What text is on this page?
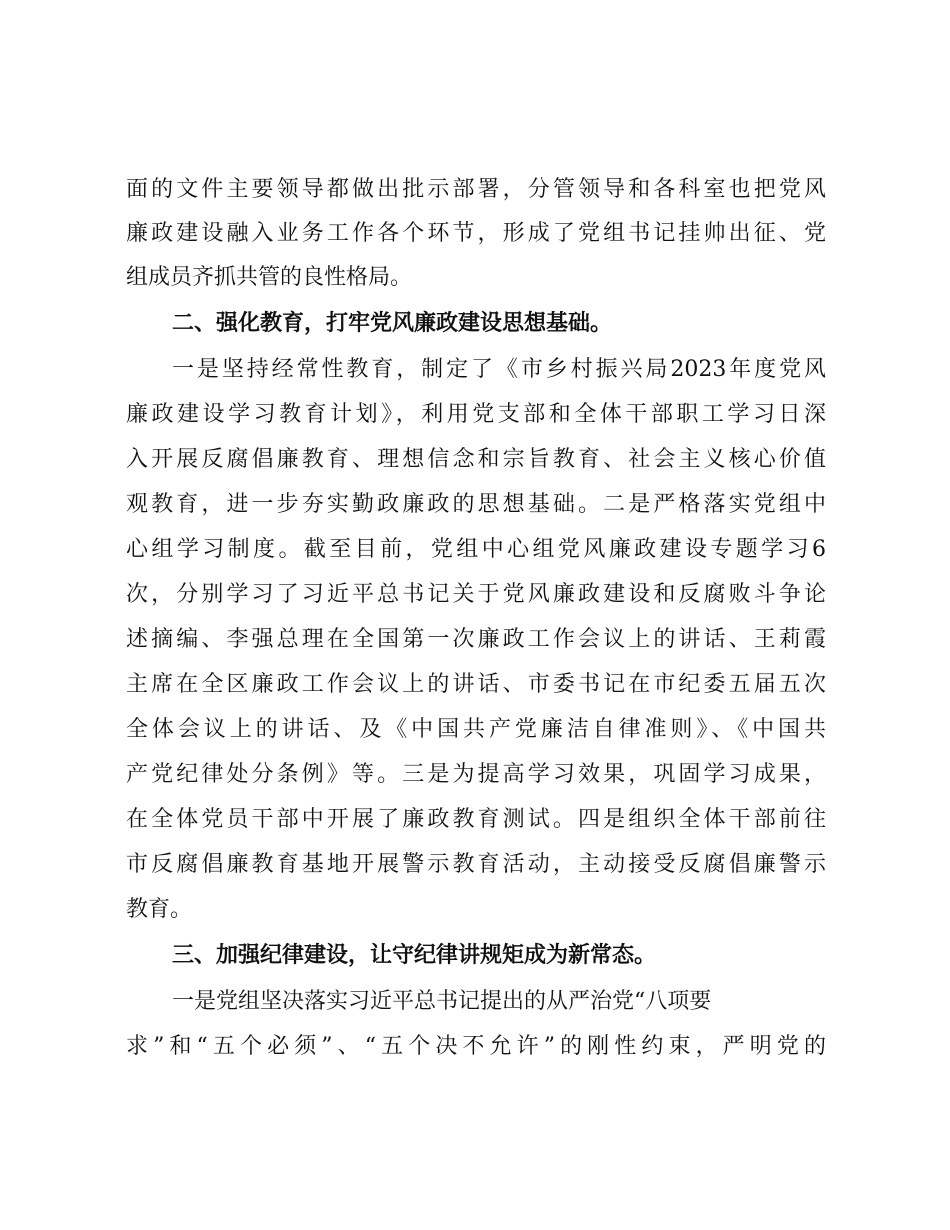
面的文件主要领导都做出批示部署，分管领导和各科室也把党风
廉政建设融入业务工作各个环节，形成了党组书记挂帅出征、党
组成员齐抓共管的良性格局。
二、强化教育，打牢党风廉政建设思想基础。
一是坚持经常性教育，制定了《市乡村振兴局2023年度党风
廉政建设学习教育计划》，利用党支部和全体干部职工学习日深
入开展反腐倡廉教育、理想信念和宗旨教育、社会主义核心价值
观教育，进一步夯实勤政廉政的思想基础。二是严格落实党组中
心组学习制度。截至目前，党组中心组党风廉政建设专题学习6
次，分别学习了习近平总书记关于党风廉政建设和反腐败斗争论
述摘编、李强总理在全国第一次廉政工作会议上的讲话、王莉霞
主席在全区廉政工作会议上的讲话、市委书记在市纪委五届五次
全体会议上的讲话、及《中国共产党廉洁自律准则》、《中国共
产党纪律处分条例》等。三是为提高学习效果，巩固学习成果，
在全体党员干部中开展了廉政教育测试。四是组织全体干部前往
市反腐倡廉教育基地开展警示教育活动，主动接受反腐倡廉警示
教育。
三、加强纪律建设，让守纪律讲规矩成为新常态。
一是党组坚决落实习近平总书记提出的从严治党“八项要
求”和“五个必须”、“五个决不允许”的刚性约束，严明党的
